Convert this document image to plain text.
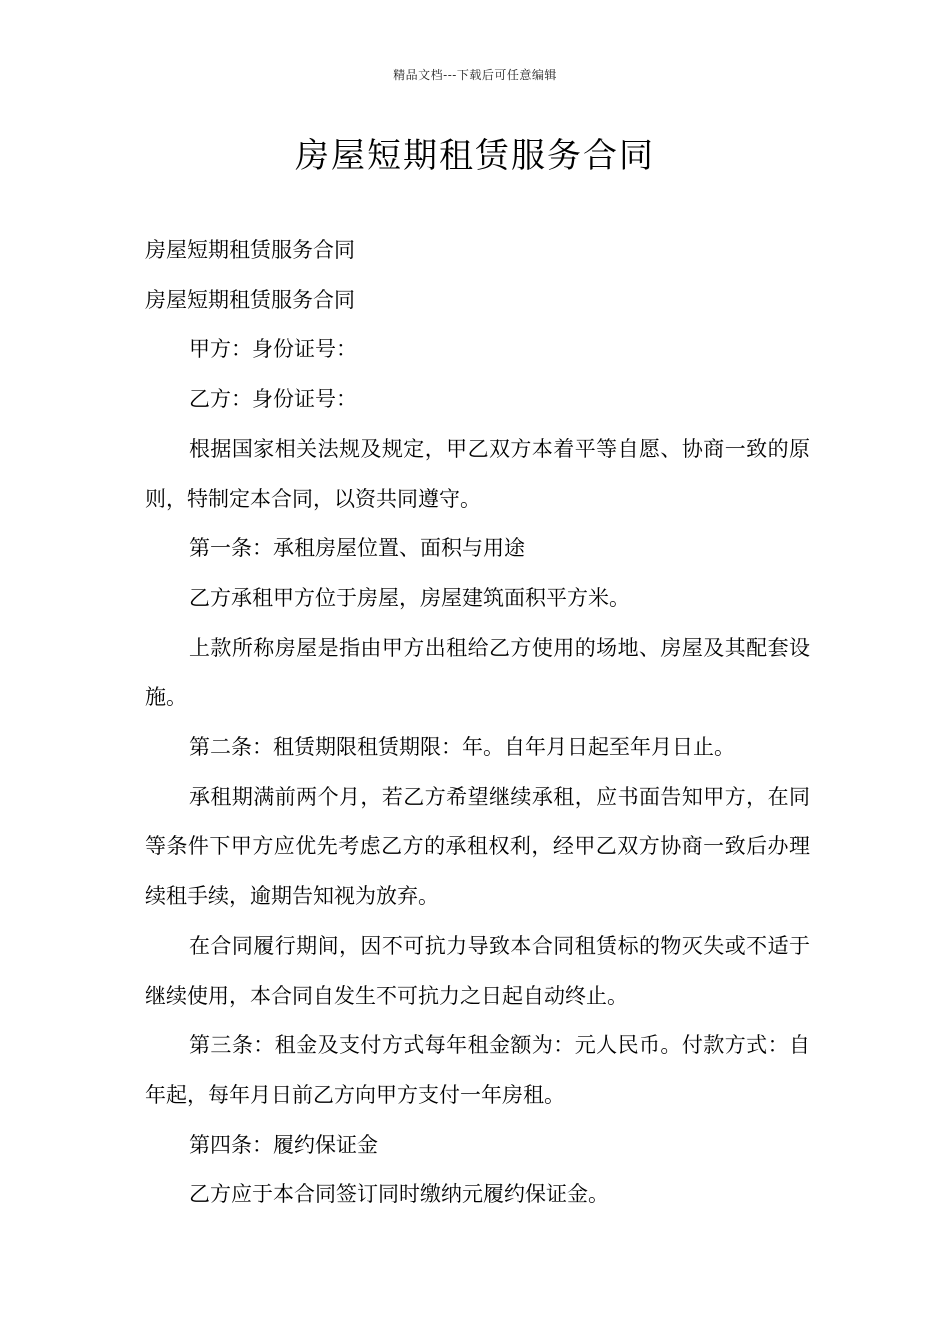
精品文档---下载后可任意编辑
房屋短期租赁服务合同

房屋短期租赁服务合同

房屋短期租赁服务合同

甲方：身份证号：

乙方：身份证号：

根据国家相关法规及规定，甲乙双方本着平等自愿、协商一致的原则，特制定本合同，以资共同遵守。

第一条：承租房屋位置、面积与用途

乙方承租甲方位于房屋，房屋建筑面积平方米。

上款所称房屋是指由甲方出租给乙方使用的场地、房屋及其配套设施。

第二条：租赁期限租赁期限：年。自年月日起至年月日止。

承租期满前两个月，若乙方希望继续承租，应书面告知甲方，在同等条件下甲方应优先考虑乙方的承租权利，经甲乙双方协商一致后办理续租手续，逾期告知视为放弃。

在合同履行期间，因不可抗力导致本合同租赁标的物灭失或不适于继续使用，本合同自发生不可抗力之日起自动终止。

第三条：租金及支付方式每年租金额为：元人民币。付款方式：自年起，每年月日前乙方向甲方支付一年房租。

第四条：履约保证金

乙方应于本合同签订同时缴纳元履约保证金。
